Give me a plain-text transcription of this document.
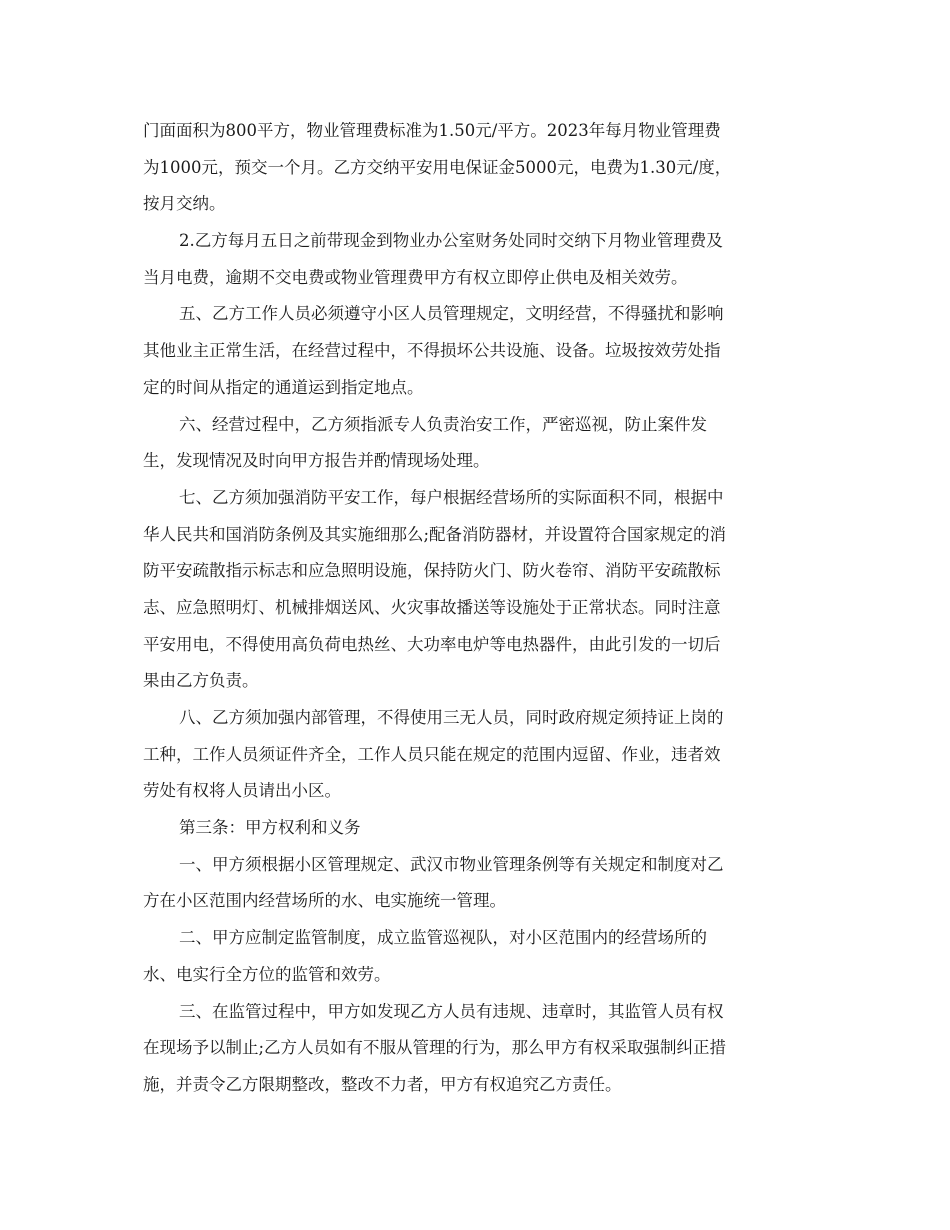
门面面积为800平方，物业管理费标准为1.50元/平方。2023年每月物业管理费
为1000元，预交一个月。乙方交纳平安用电保证金5000元，电费为1.30元/度，
按月交纳。
2.乙方每月五日之前带现金到物业办公室财务处同时交纳下月物业管理费及
当月电费，逾期不交电费或物业管理费甲方有权立即停止供电及相关效劳。
五、乙方工作人员必须遵守小区人员管理规定，文明经营，不得骚扰和影响
其他业主正常生活，在经营过程中，不得损坏公共设施、设备。垃圾按效劳处指
定的时间从指定的通道运到指定地点。
六、经营过程中，乙方须指派专人负责治安工作，严密巡视，防止案件发
生，发现情况及时向甲方报告并酌情现场处理。
七、乙方须加强消防平安工作，每户根据经营场所的实际面积不同，根据中
华人民共和国消防条例及其实施细那么;配备消防器材，并设置符合国家规定的消
防平安疏散指示标志和应急照明设施，保持防火门、防火卷帘、消防平安疏散标
志、应急照明灯、机械排烟送风、火灾事故播送等设施处于正常状态。同时注意
平安用电，不得使用高负荷电热丝、大功率电炉等电热器件，由此引发的一切后
果由乙方负责。
八、乙方须加强内部管理，不得使用三无人员，同时政府规定须持证上岗的
工种，工作人员须证件齐全，工作人员只能在规定的范围内逗留、作业，违者效
劳处有权将人员请出小区。
第三条：甲方权利和义务
一、甲方须根据小区管理规定、武汉市物业管理条例等有关规定和制度对乙
方在小区范围内经营场所的水、电实施统一管理。
二、甲方应制定监管制度，成立监管巡视队，对小区范围内的经营场所的
水、电实行全方位的监管和效劳。
三、在监管过程中，甲方如发现乙方人员有违规、违章时，其监管人员有权
在现场予以制止;乙方人员如有不服从管理的行为，那么甲方有权采取强制纠正措
施，并责令乙方限期整改，整改不力者，甲方有权追究乙方责任。
